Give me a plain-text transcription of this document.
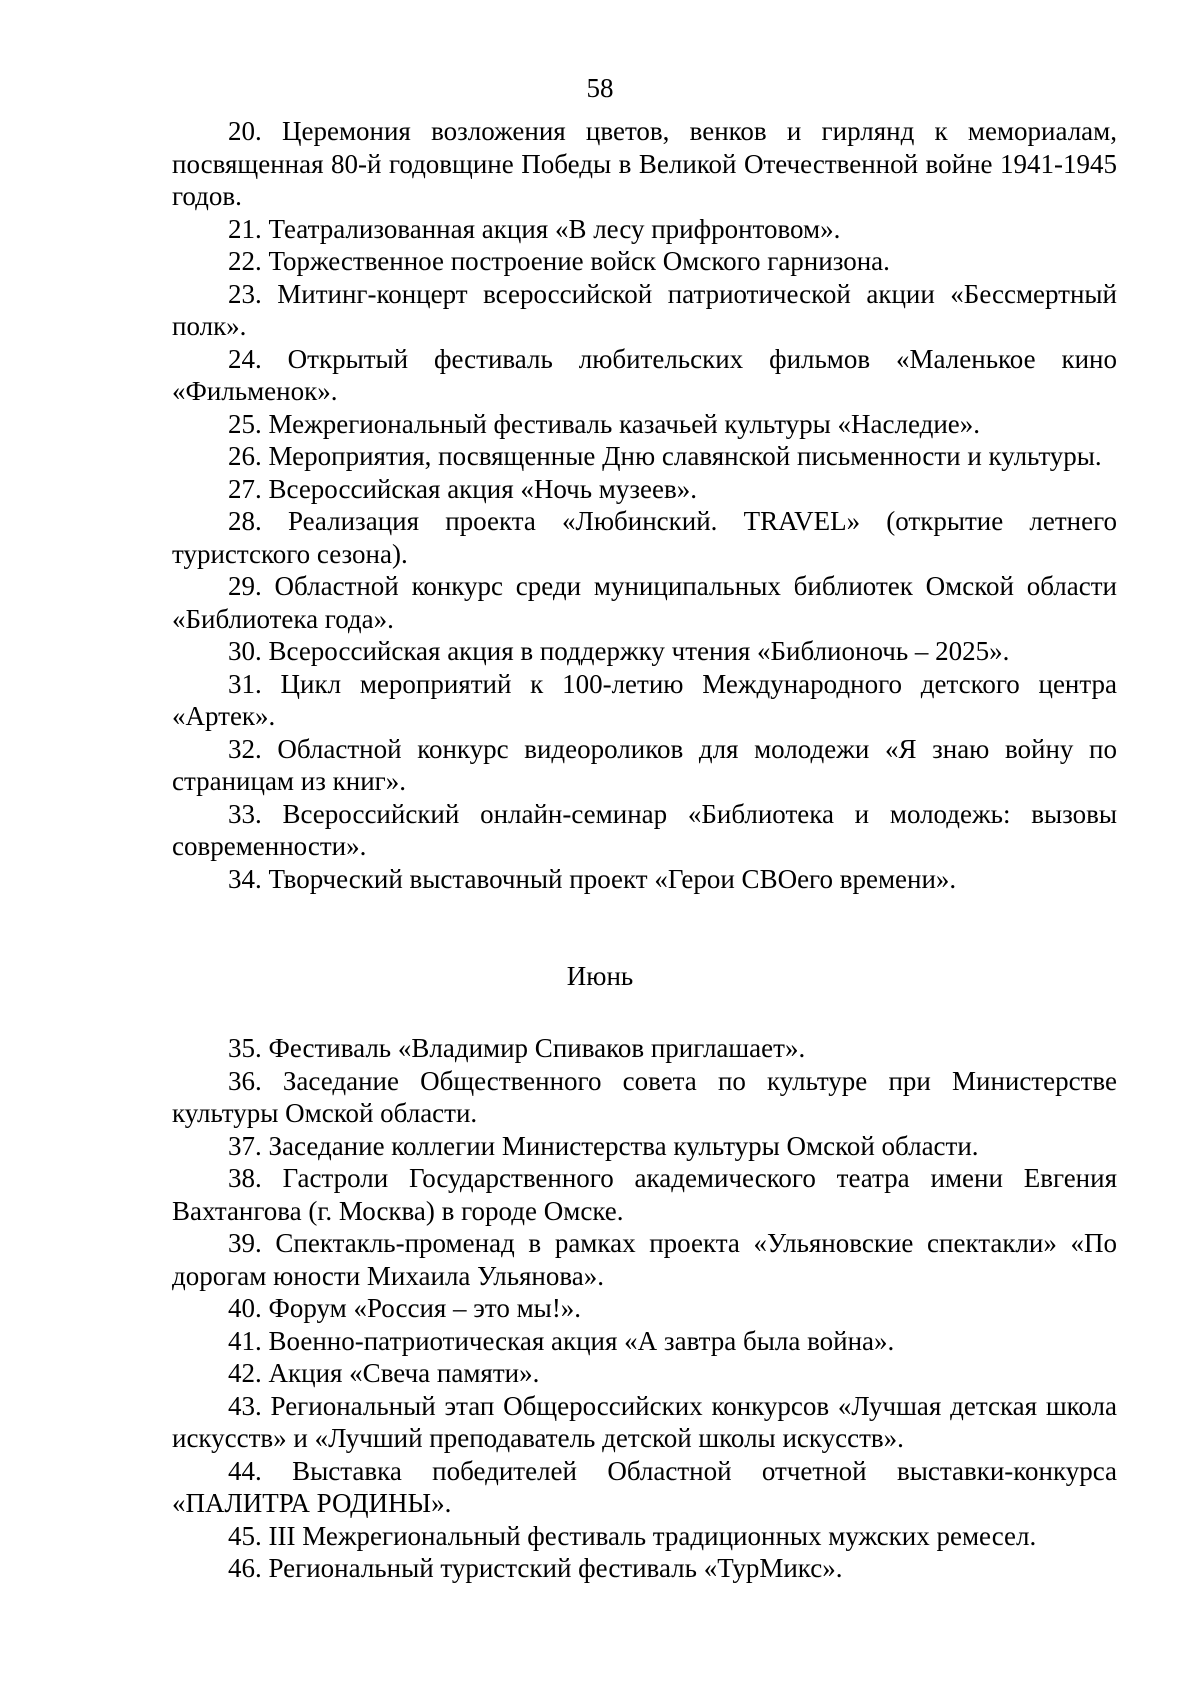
58

20. Церемония возложения цветов, венков и гирлянд к мемориалам, посвященная 80-й годовщине Победы в Великой Отечественной войне 1941-1945 годов.

21. Театрализованная акция «В лесу прифронтовом».

22. Торжественное построение войск Омского гарнизона.

23. Митинг-концерт всероссийской патриотической акции «Бессмертный полк».

24. Открытый фестиваль любительских фильмов «Маленькое кино «Фильменок».

25. Межрегиональный фестиваль казачьей культуры «Наследие».

26. Мероприятия, посвященные Дню славянской письменности и культуры.

27. Всероссийская акция «Ночь музеев».

28. Реализация проекта «Любинский. TRAVEL» (открытие летнего туристского сезона).

29. Областной конкурс среди муниципальных библиотек Омской области «Библиотека года».

30. Всероссийская акция в поддержку чтения «Библионочь – 2025».

31. Цикл мероприятий к 100-летию Международного детского центра «Артек».

32. Областной конкурс видеороликов для молодежи «Я знаю войну по страницам из книг».

33. Всероссийский онлайн-семинар «Библиотека и молодежь: вызовы современности».

34. Творческий выставочный проект «Герои СВОего времени».

Июнь

35. Фестиваль «Владимир Спиваков приглашает».

36. Заседание Общественного совета по культуре при Министерстве культуры Омской области.

37. Заседание коллегии Министерства культуры Омской области.

38. Гастроли Государственного академического театра имени Евгения Вахтангова (г. Москва) в городе Омске.

39. Спектакль-променад в рамках проекта «Ульяновские спектакли» «По дорогам юности Михаила Ульянова».

40. Форум «Россия – это мы!».

41. Военно-патриотическая акция «А завтра была война».

42. Акция «Свеча памяти».

43. Региональный этап Общероссийских конкурсов «Лучшая детская школа искусств» и «Лучший преподаватель детской школы искусств».

44. Выставка победителей Областной отчетной выставки-конкурса «ПАЛИТРА РОДИНЫ».

45. III Межрегиональный фестиваль традиционных мужских ремесел.

46. Региональный туристский фестиваль «ТурМикс».
